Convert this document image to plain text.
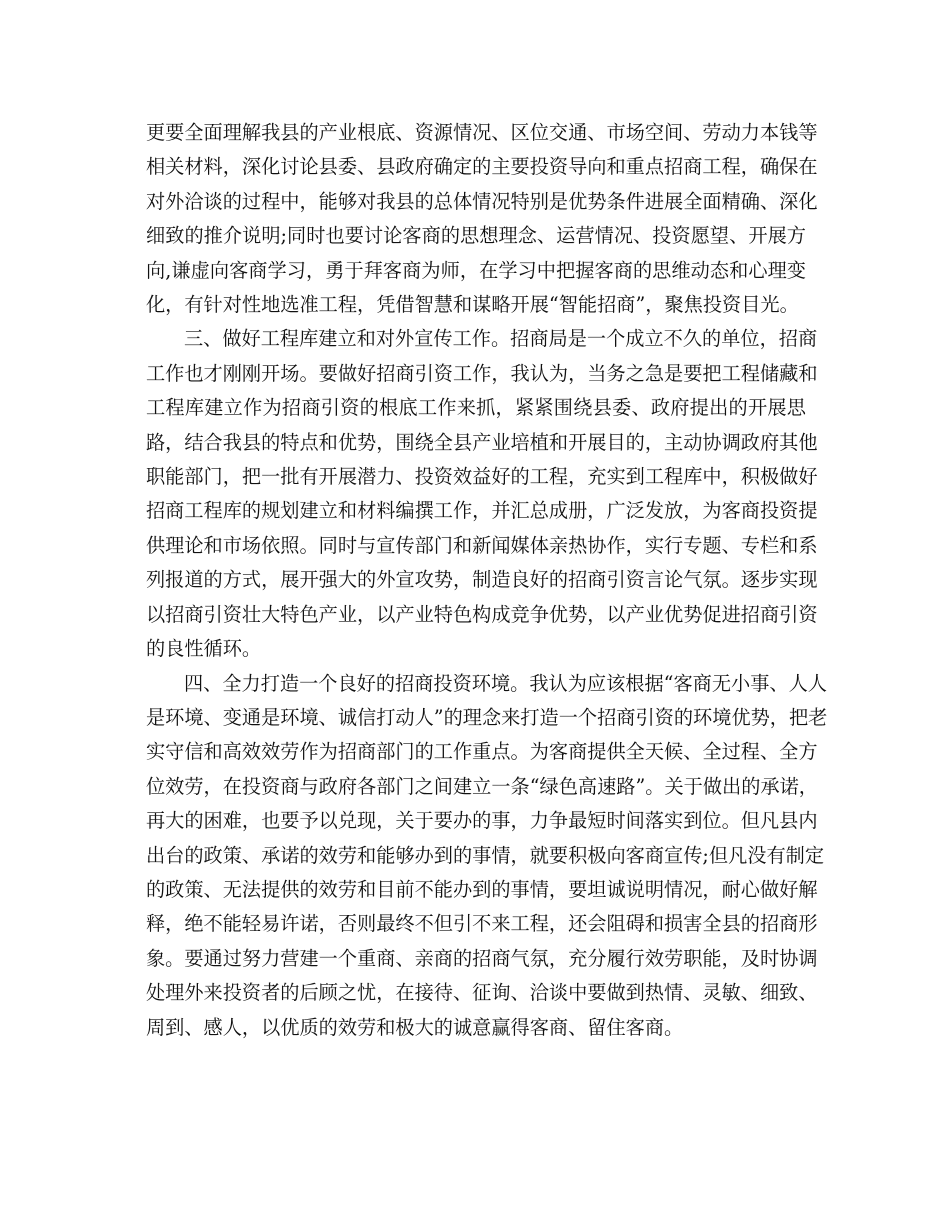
更要全面理解我县的产业根底、资源情况、区位交通、市场空间、劳动力本钱等
相关材料，深化讨论县委、县政府确定的主要投资导向和重点招商工程，确保在
对外洽谈的过程中，能够对我县的总体情况特别是优势条件进展全面精确、深化
细致的推介说明;同时也要讨论客商的思想理念、运营情况、投资愿望、开展方
向,谦虚向客商学习，勇于拜客商为师，在学习中把握客商的思维动态和心理变
化，有针对性地选准工程，凭借智慧和谋略开展“智能招商”，聚焦投资目光。
三、做好工程库建立和对外宣传工作。招商局是一个成立不久的单位，招商
工作也才刚刚开场。要做好招商引资工作，我认为，当务之急是要把工程储藏和
工程库建立作为招商引资的根底工作来抓，紧紧围绕县委、政府提出的开展思
路，结合我县的特点和优势，围绕全县产业培植和开展目的，主动协调政府其他
职能部门，把一批有开展潜力、投资效益好的工程，充实到工程库中，积极做好
招商工程库的规划建立和材料编撰工作，并汇总成册，广泛发放，为客商投资提
供理论和市场依照。同时与宣传部门和新闻媒体亲热协作，实行专题、专栏和系
列报道的方式，展开强大的外宣攻势，制造良好的招商引资言论气氛。逐步实现
以招商引资壮大特色产业，以产业特色构成竞争优势，以产业优势促进招商引资
的良性循环。
四、全力打造一个良好的招商投资环境。我认为应该根据“客商无小事、人人
是环境、变通是环境、诚信打动人”的理念来打造一个招商引资的环境优势，把老
实守信和高效效劳作为招商部门的工作重点。为客商提供全天候、全过程、全方
位效劳，在投资商与政府各部门之间建立一条“绿色高速路”。关于做出的承诺，
再大的困难，也要予以兑现，关于要办的事，力争最短时间落实到位。但凡县内
出台的政策、承诺的效劳和能够办到的事情，就要积极向客商宣传;但凡没有制定
的政策、无法提供的效劳和目前不能办到的事情，要坦诚说明情况，耐心做好解
释，绝不能轻易许诺，否则最终不但引不来工程，还会阻碍和损害全县的招商形
象。要通过努力营建一个重商、亲商的招商气氛，充分履行效劳职能，及时协调
处理外来投资者的后顾之忧，在接待、征询、洽谈中要做到热情、灵敏、细致、
周到、感人，以优质的效劳和极大的诚意赢得客商、留住客商。
